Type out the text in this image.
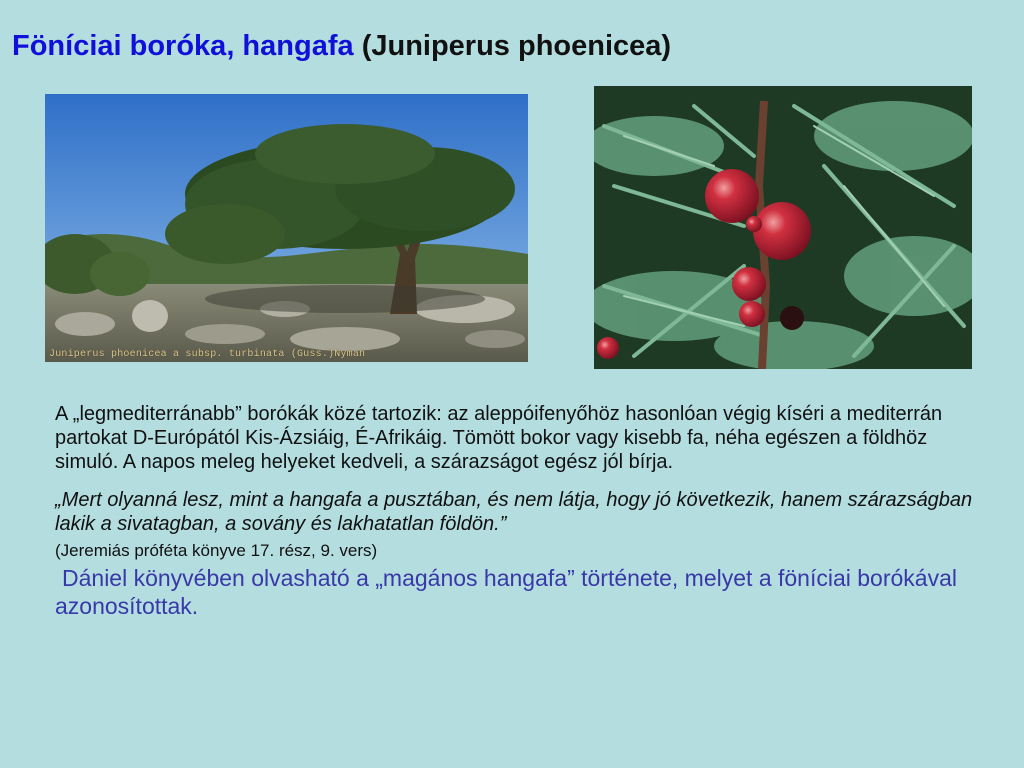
Föníciai boróka, hangafa (Juniperus phoenicea)
Juniperus phoenicea a subsp. turbinata (Guss.)Nyman

A „legmediterránabb” borókák közé tartozik: az aleppóifenyőhöz hasonlóan végig kíséri a mediterrán partokat D-Európától Kis-Ázsiáig, É-Afrikáig. Tömött bokor vagy kisebb fa, néha egészen a földhöz simuló. A napos meleg helyeket kedveli, a szárazságot egész jól bírja.

„Mert olyanná lesz, mint a hangafa a pusztában, és nem látja, hogy jó következik, hanem szárazságban lakik a sivatagban, a sovány és lakhatatlan földön.”

(Jeremiás próféta könyve 17. rész, 9. vers)

Dániel könyvében olvasható a „magános hangafa” története, melyet a föníciai borókával azonosítottak.
